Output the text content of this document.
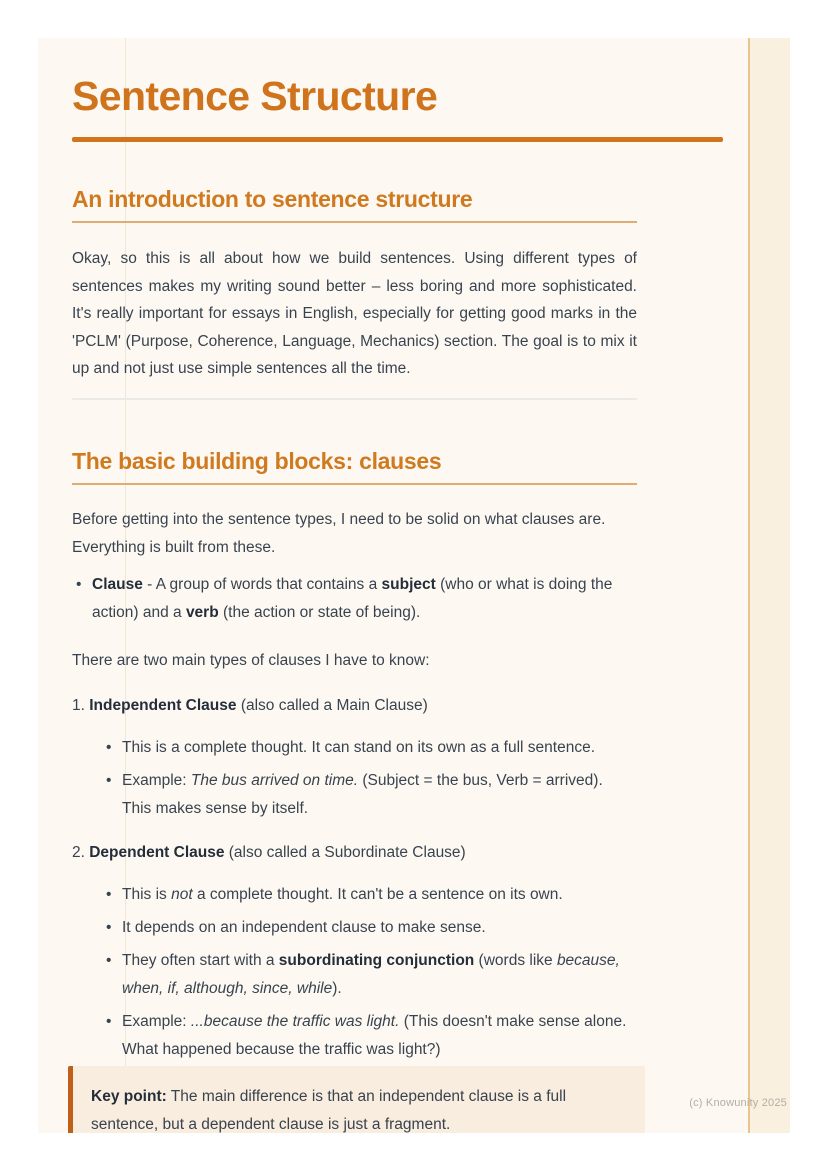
Sentence Structure
An introduction to sentence structure

Okay, so this is all about how we build sentences. Using different types of sentences makes my writing sound better – less boring and more sophisticated. It's really important for essays in English, especially for getting good marks in the 'PCLM' (Purpose, Coherence, Language, Mechanics) section. The goal is to mix it up and not just use simple sentences all the time.

The basic building blocks: clauses

Before getting into the sentence types, I need to be solid on what clauses are. Everything is built from these.

• Clause - A group of words that contains a subject (who or what is doing the action) and a verb (the action or state of being).

There are two main types of clauses I have to know:

1. Independent Clause (also called a Main Clause)
• This is a complete thought. It can stand on its own as a full sentence.
• Example: The bus arrived on time. (Subject = the bus, Verb = arrived). This makes sense by itself.
2. Dependent Clause (also called a Subordinate Clause)
• This is not a complete thought. It can't be a sentence on its own.
• It depends on an independent clause to make sense.
• They often start with a subordinating conjunction (words like because, when, if, although, since, while).
• Example: ...because the traffic was light. (This doesn't make sense alone. What happened because the traffic was light?)

Key point: The main difference is that an independent clause is a full sentence, but a dependent clause is just a fragment.

(c) Knowunity 2025
